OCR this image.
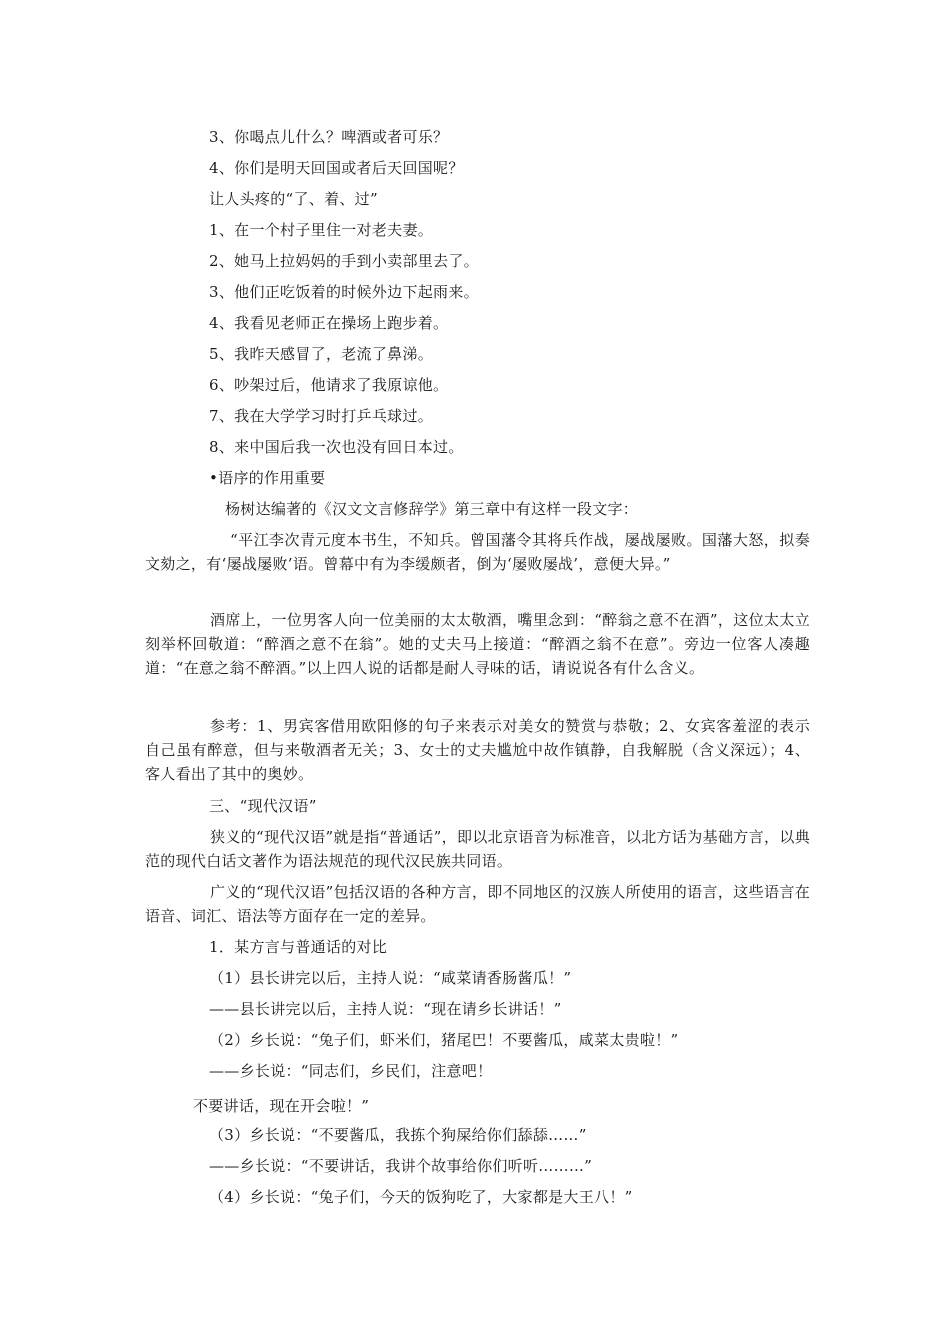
3、你喝点儿什么？啤酒或者可乐？
4、你们是明天回国或者后天回国呢？
让人头疼的“了、着、过”
1、在一个村子里住一对老夫妻。
2、她马上拉妈妈的手到小卖部里去了。
3、他们正吃饭着的时候外边下起雨来。
4、我看见老师正在操场上跑步着。
5、我昨天感冒了，老流了鼻涕。
6、吵架过后，他请求了我原谅他。
7、我在大学学习时打乒乓球过。
8、来中国后我一次也没有回日本过。
•语序的作用重要
杨树达编著的《汉文文言修辞学》第三章中有这样一段文字：

“平江李次青元度本书生，不知兵。曾国藩令其将兵作战，屡战屡败。国藩大怒，拟奏文劾之，有‘屡战屡败’语。曾幕中有为李缓颇者，倒为‘屡败屡战’，意便大异。”

酒席上，一位男客人向一位美丽的太太敬酒，嘴里念到：“醉翁之意不在酒”，这位太太立刻举杯回敬道：“醉酒之意不在翁”。她的丈夫马上接道：“醉酒之翁不在意”。旁边一位客人凑趣道：“在意之翁不醉酒。”以上四人说的话都是耐人寻味的话，请说说各有什么含义。

参考：1、男宾客借用欧阳修的句子来表示对美女的赞赏与恭敬；2、女宾客羞涩的表示自己虽有醉意，但与来敬酒者无关；3、女士的丈夫尴尬中故作镇静，自我解脱（含义深远）；4、客人看出了其中的奥妙。

三、“现代汉语”

狭义的“现代汉语”就是指“普通话”，即以北京语音为标准音，以北方话为基础方言，以典范的现代白话文著作为语法规范的现代汉民族共同语。

广义的“现代汉语”包括汉语的各种方言，即不同地区的汉族人所使用的语言，这些语言在语音、词汇、语法等方面存在一定的差异。

1．某方言与普通话的对比
（1）县长讲完以后，主持人说：“咸菜请香肠酱瓜！”
——县长讲完以后，主持人说：“现在请乡长讲话！”
（2）乡长说：“兔子们，虾米们，猪尾巴！不要酱瓜，咸菜太贵啦！”
——乡长说：“同志们，乡民们，注意吧！
不要讲话，现在开会啦！”
（3）乡长说：“不要酱瓜，我拣个狗屎给你们舔舔……”
——乡长说：“不要讲话，我讲个故事给你们听听………”
（4）乡长说：“兔子们，今天的饭狗吃了，大家都是大王八！”
